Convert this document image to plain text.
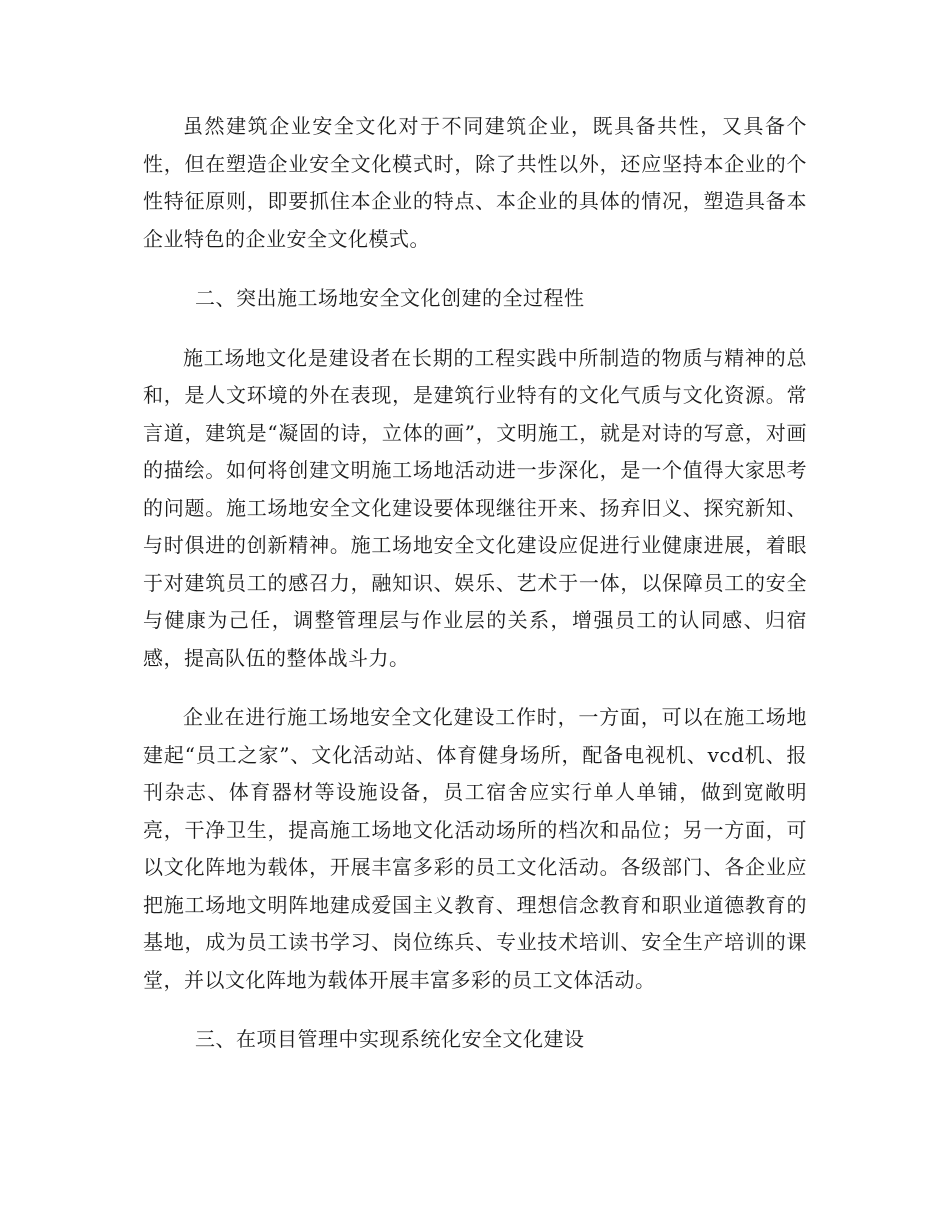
虽然建筑企业安全文化对于不同建筑企业，既具备共性，又具备个性，但在塑造企业安全文化模式时，除了共性以外，还应坚持本企业的个性特征原则，即要抓住本企业的特点、本企业的具体的情况，塑造具备本企业特色的企业安全文化模式。

二、突出施工场地安全文化创建的全过程性

施工场地文化是建设者在长期的工程实践中所制造的物质与精神的总和，是人文环境的外在表现，是建筑行业特有的文化气质与文化资源。常言道，建筑是“凝固的诗，立体的画”，文明施工，就是对诗的写意，对画的描绘。如何将创建文明施工场地活动进一步深化，是一个值得大家思考的问题。施工场地安全文化建设要体现继往开来、扬弃旧义、探究新知、与时俱进的创新精神。施工场地安全文化建设应促进行业健康进展，着眼于对建筑员工的感召力，融知识、娱乐、艺术于一体，以保障员工的安全与健康为己任，调整管理层与作业层的关系，增强员工的认同感、归宿感，提高队伍的整体战斗力。

企业在进行施工场地安全文化建设工作时，一方面，可以在施工场地建起“员工之家”、文化活动站、体育健身场所，配备电视机、vcd机、报刊杂志、体育器材等设施设备，员工宿舍应实行单人单铺，做到宽敞明亮，干净卫生，提高施工场地文化活动场所的档次和品位；另一方面，可以文化阵地为载体，开展丰富多彩的员工文化活动。各级部门、各企业应把施工场地文明阵地建成爱国主义教育、理想信念教育和职业道德教育的基地，成为员工读书学习、岗位练兵、专业技术培训、安全生产培训的课堂，并以文化阵地为载体开展丰富多彩的员工文体活动。

三、在项目管理中实现系统化安全文化建设
